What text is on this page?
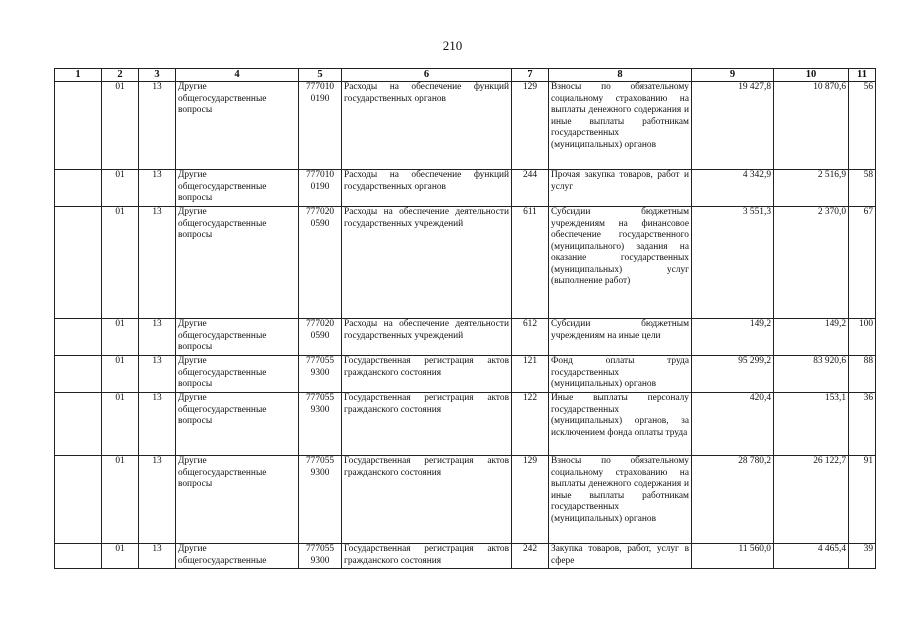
210
1	2	3	4	5	6	7	8	9	10	11
	01	13	Другие общегосударственные вопросы	777010 0190	Расходы на обеспечение функций государственных органов	129	Взносы по обязательному социальному страхованию на выплаты денежного содержания и иные выплаты работникам государственных (муниципальных) органов	19 427,8	10 870,6	56
	01	13	Другие общегосударственные вопросы	777010 0190	Расходы на обеспечение функций государственных органов	244	Прочая закупка товаров, работ и услуг	4 342,9	2 516,9	58
	01	13	Другие общегосударственные вопросы	777020 0590	Расходы на обеспечение деятельности государственных учреждений	611	Субсидии бюджетным учреждениям на финансовое обеспечение государственного (муниципального) задания на оказание государственных (муниципальных) услуг (выполнение работ)	3 551,3	2 370,0	67
	01	13	Другие общегосударственные вопросы	777020 0590	Расходы на обеспечение деятельности государственных учреждений	612	Субсидии бюджетным учреждениям на иные цели	149,2	149,2	100
	01	13	Другие общегосударственные вопросы	777055 9300	Государственная регистрация актов гражданского состояния	121	Фонд оплаты труда государственных (муниципальных) органов	95 299,2	83 920,6	88
	01	13	Другие общегосударственные вопросы	777055 9300	Государственная регистрация актов гражданского состояния	122	Иные выплаты персоналу государственных (муниципальных) органов, за исключением фонда оплаты труда	420,4	153,1	36
	01	13	Другие общегосударственные вопросы	777055 9300	Государственная регистрация актов гражданского состояния	129	Взносы по обязательному социальному страхованию на выплаты денежного содержания и иные выплаты работникам государственных (муниципальных) органов	28 780,2	26 122,7	91
	01	13	Другие общегосударственные	777055 9300	Государственная регистрация актов гражданского состояния	242	Закупка товаров, работ, услуг в сфере	11 560,0	4 465,4	39
